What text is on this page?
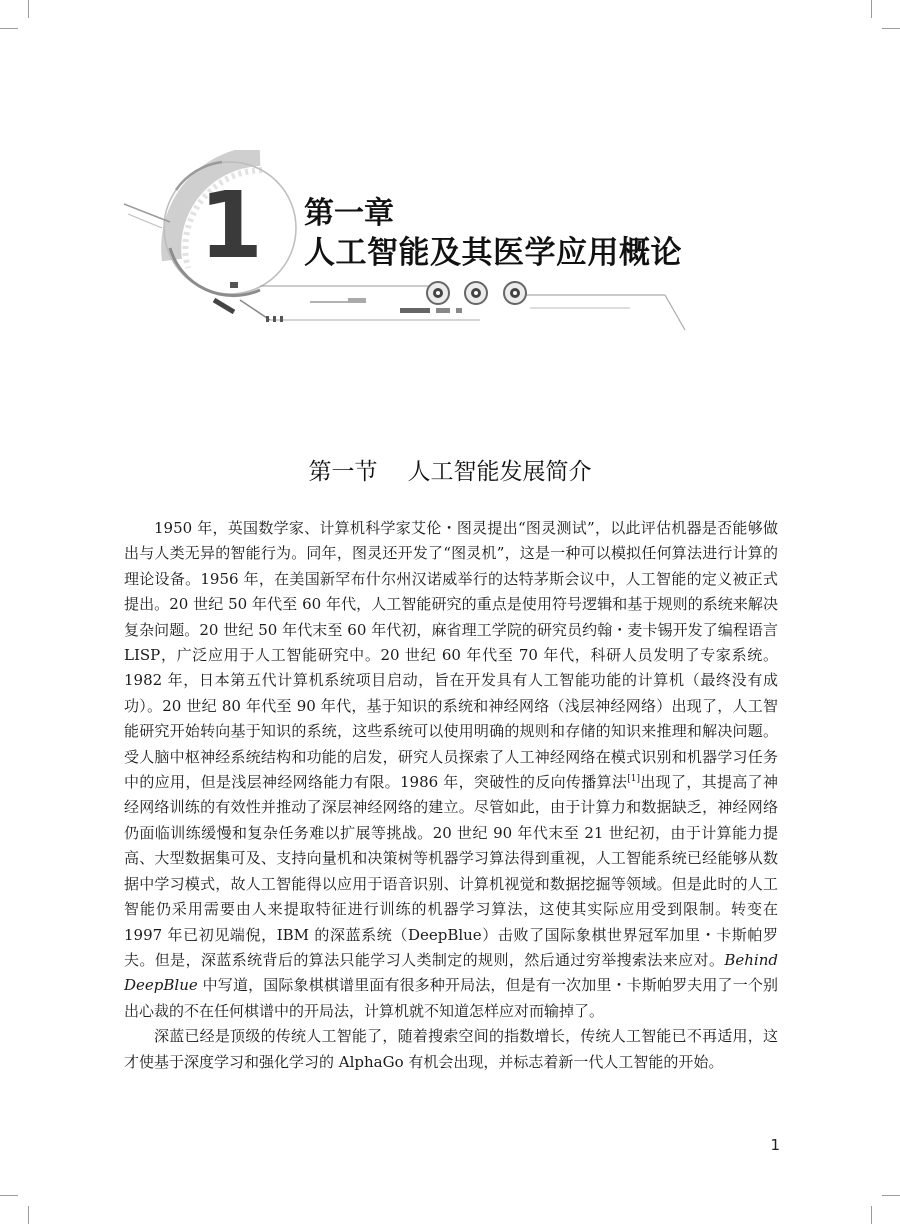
1 第一章
人工智能及其医学应用概论
第一节 人工智能发展简介

1950 年，英国数学家、计算机科学家艾伦・图灵提出“图灵测试”，以此评估机器是否能够做出与人类无异的智能行为。同年，图灵还开发了“图灵机”，这是一种可以模拟任何算法进行计算的理论设备。1956 年，在美国新罕布什尔州汉诺威举行的达特茅斯会议中，人工智能的定义被正式提出。20 世纪 50 年代至 60 年代，人工智能研究的重点是使用符号逻辑和基于规则的系统来解决复杂问题。20 世纪 50 年代末至 60 年代初，麻省理工学院的研究员约翰・麦卡锡开发了编程语言 LISP，广泛应用于人工智能研究中。20 世纪 60 年代至 70 年代，科研人员发明了专家系统。1982 年，日本第五代计算机系统项目启动，旨在开发具有人工智能功能的计算机（最终没有成功）。20 世纪 80 年代至 90 年代，基于知识的系统和神经网络（浅层神经网络）出现了，人工智能研究开始转向基于知识的系统，这些系统可以使用明确的规则和存储的知识来推理和解决问题。受人脑中枢神经系统结构和功能的启发，研究人员探索了人工神经网络在模式识别和机器学习任务中的应用，但是浅层神经网络能力有限。1986 年，突破性的反向传播算法[1]出现了，其提高了神经网络训练的有效性并推动了深层神经网络的建立。尽管如此，由于计算力和数据缺乏，神经网络仍面临训练缓慢和复杂任务难以扩展等挑战。20 世纪 90 年代末至 21 世纪初，由于计算能力提高、大型数据集可及、支持向量机和决策树等机器学习算法得到重视，人工智能系统已经能够从数据中学习模式，故人工智能得以应用于语音识别、计算机视觉和数据挖掘等领域。但是此时的人工智能仍采用需要由人来提取特征进行训练的机器学习算法，这使其实际应用受到限制。转变在 1997 年已初见端倪，IBM 的深蓝系统（DeepBlue）击败了国际象棋世界冠军加里・卡斯帕罗夫。但是，深蓝系统背后的算法只能学习人类制定的规则，然后通过穷举搜索法来应对。Behind DeepBlue 中写道，国际象棋棋谱里面有很多种开局法，但是有一次加里・卡斯帕罗夫用了一个别出心裁的不在任何棋谱中的开局法，计算机就不知道怎样应对而输掉了。

深蓝已经是顶级的传统人工智能了，随着搜索空间的指数增长，传统人工智能已不再适用，这才使基于深度学习和强化学习的 AlphaGo 有机会出现，并标志着新一代人工智能的开始。

1
